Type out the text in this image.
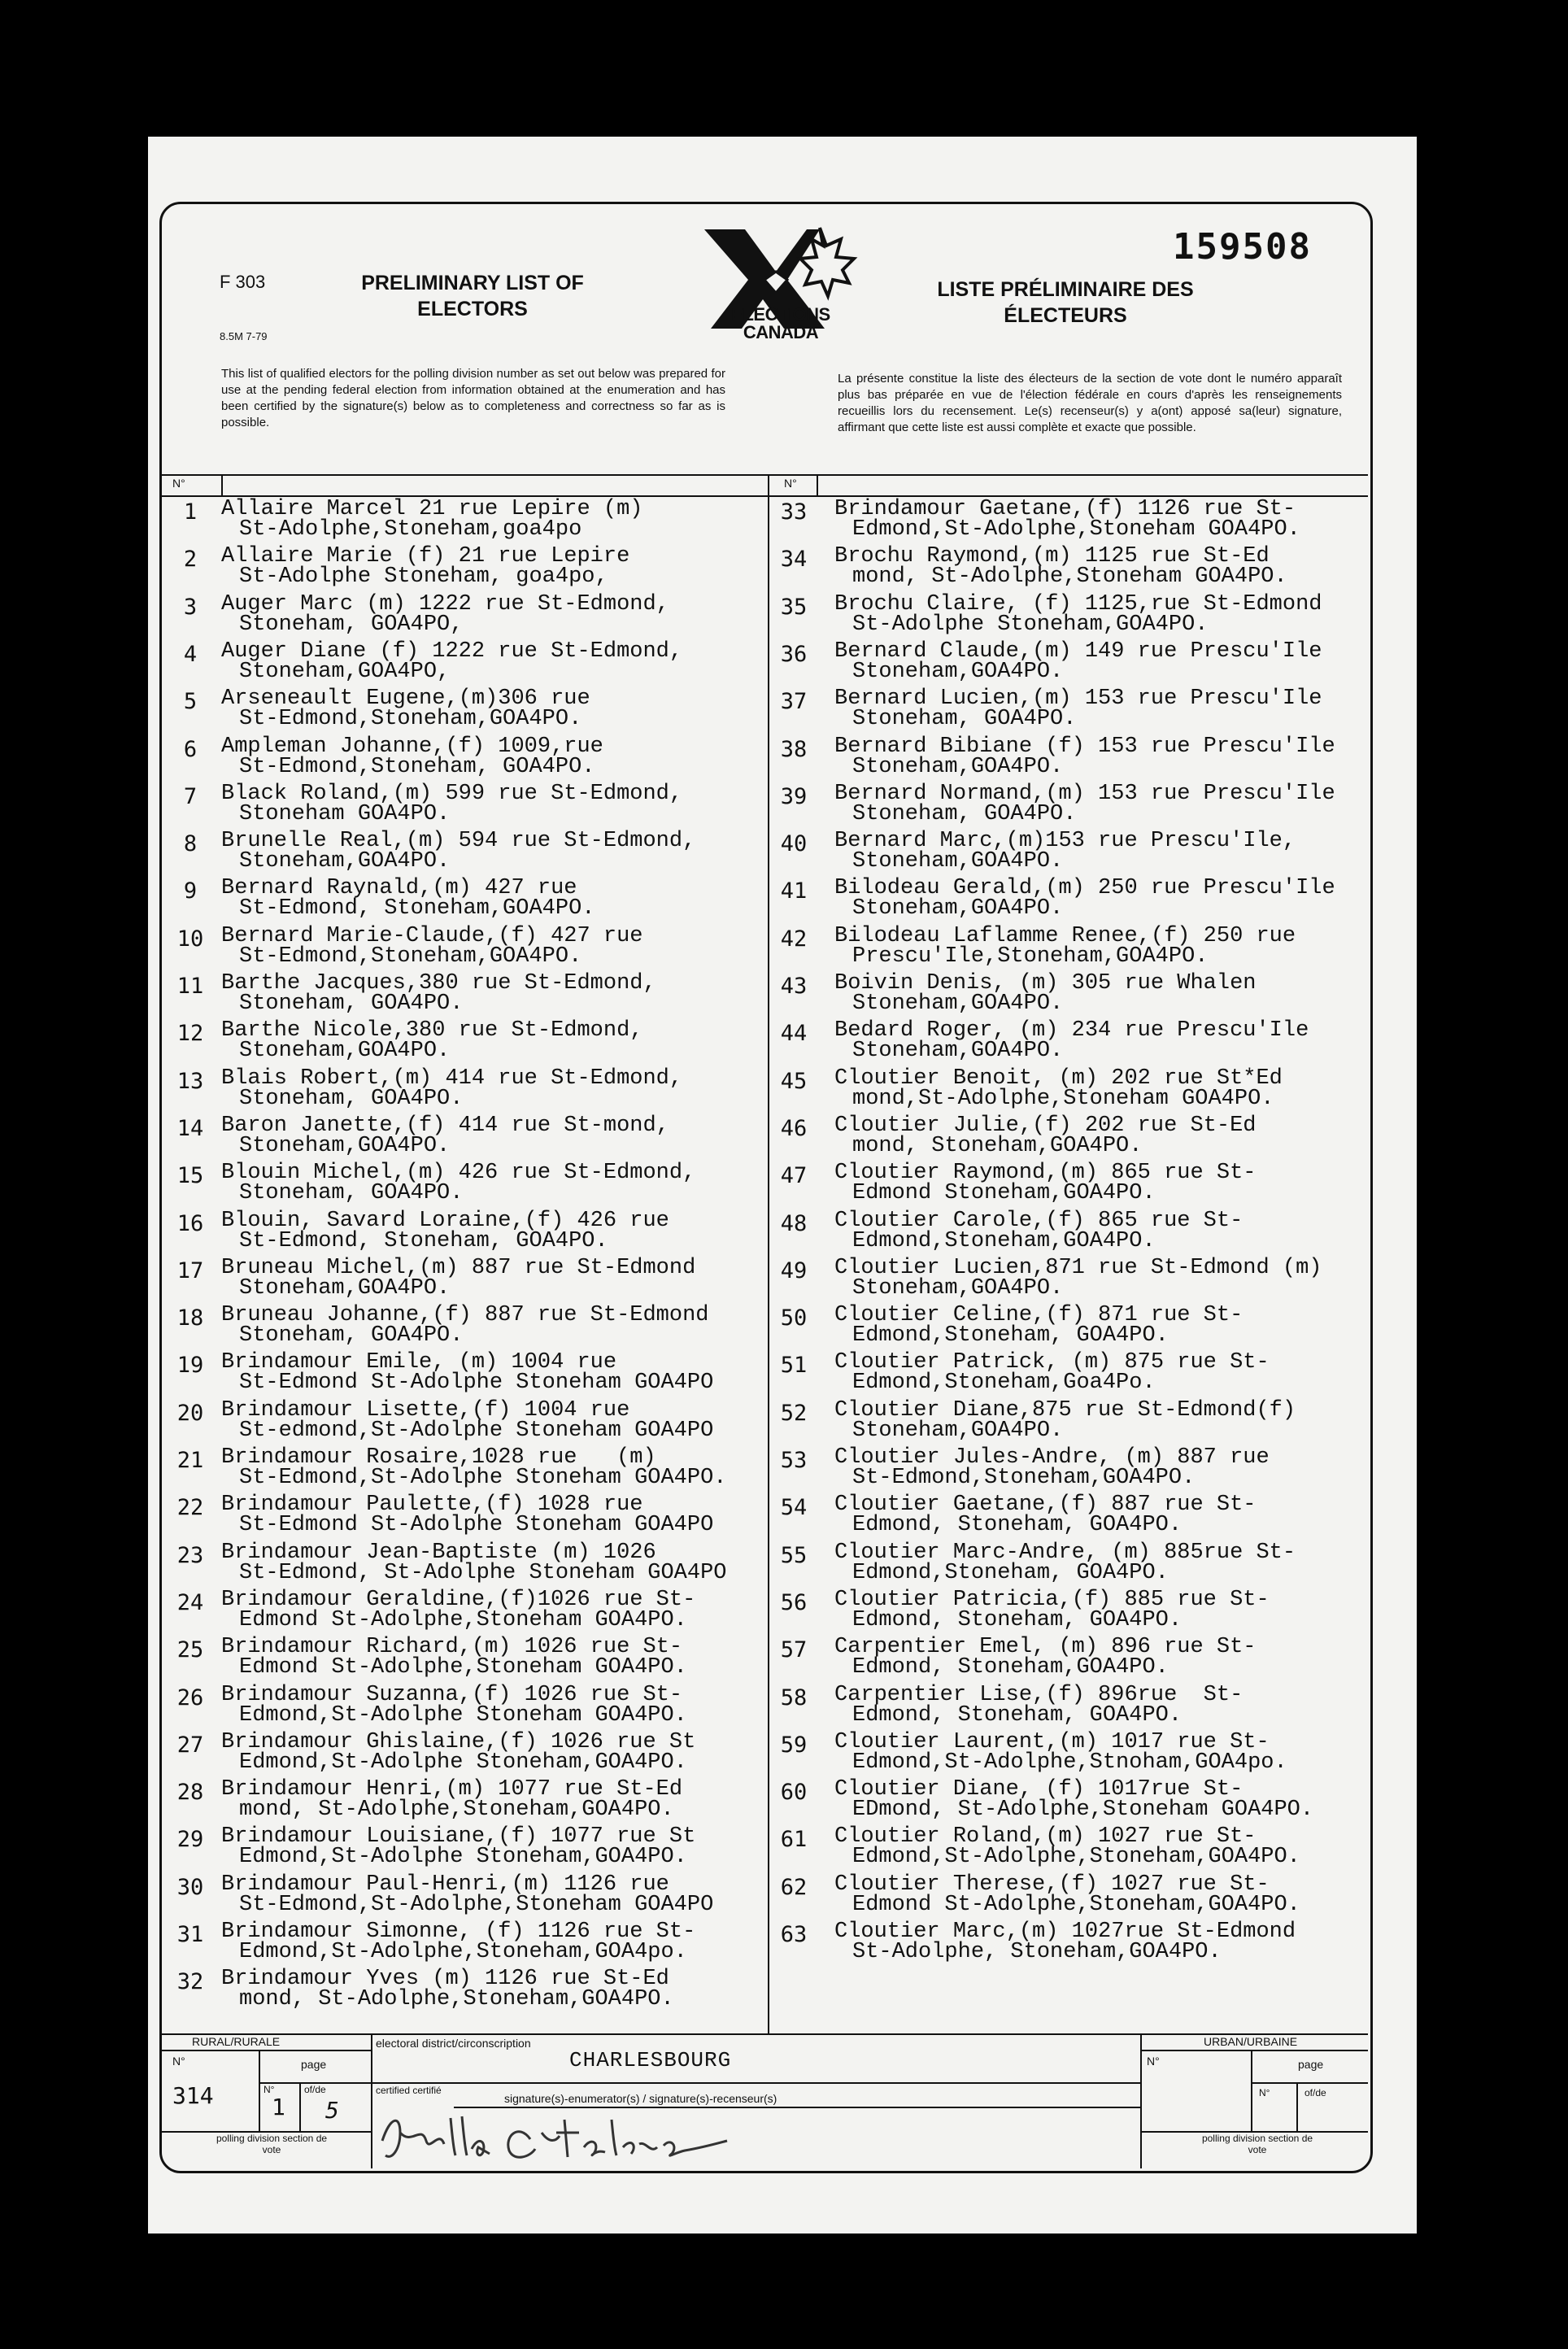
159508
F 303
8.5M 7-79
PRELIMINARY LIST OF ELECTORS
LISTE PRÉLIMINAIRE DES ÉLECTEURS
ELECTIONS
CANADA
This list of qualified electors for the polling division number as set out below was prepared for use at the pending federal election from information obtained at the enumeration and has been certified by the signature(s) below as to completeness and correctness so far as is possible.
La présente constitue la liste des électeurs de la section de vote dont le numéro apparaît plus bas préparée en vue de l'élection fédérale en cours d'après les renseignements recueillis lors du recensement. Le(s) recenseur(s) y a(ont) apposé sa(leur) signature, affirmant que cette liste est aussi complète et exacte que possible.
N°	N°
1	Allaire Marcel 21 rue Lepire (m)
St-Adolphe,Stoneham,goa4po
2	Allaire Marie (f) 21 rue Lepire
St-Adolphe Stoneham, goa4po,
3	Auger Marc (m) 1222 rue St-Edmond,
Stoneham, GOA4PO,
4	Auger Diane (f) 1222 rue St-Edmond,
Stoneham,GOA4PO,
5	Arseneault Eugene,(m)306 rue
St-Edmond,Stoneham,GOA4PO.
6	Ampleman Johanne,(f) 1009,rue
St-Edmond,Stoneham, GOA4PO.
7	Black Roland,(m) 599 rue St-Edmond,
Stoneham GOA4PO.
8	Brunelle Real,(m) 594 rue St-Edmond,
Stoneham,GOA4PO.
9	Bernard Raynald,(m) 427 rue
St-Edmond, Stoneham,GOA4PO.
10 Bernard Marie-Claude,(f) 427 rue
St-Edmond,Stoneham,GOA4PO.
11 Barthe Jacques,380 rue St-Edmond,
Stoneham, GOA4PO.
12 Barthe Nicole,380 rue St-Edmond,
Stoneham,GOA4PO.
13 Blais Robert,(m) 414 rue St-Edmond,
Stoneham, GOA4PO.
14 Baron Janette,(f) 414 rue St-mond,
Stoneham,GOA4PO.
15 Blouin Michel,(m) 426 rue St-Edmond,
Stoneham, GOA4PO.
16 Blouin, Savard Loraine,(f) 426 rue
St-Edmond, Stoneham, GOA4PO.
17 Bruneau Michel,(m) 887 rue St-Edmond
Stoneham,GOA4PO.
18 Bruneau Johanne,(f) 887 rue St-Edmond
Stoneham, GOA4PO.
19 Brindamour Emile, (m) 1004 rue
St-Edmond St-Adolphe Stoneham GOA4PO
20 Brindamour Lisette,(f) 1004 rue
St-edmond,St-Adolphe Stoneham GOA4PO
21 Brindamour Rosaire,1028 rue   (m)
St-Edmond,St-Adolphe Stoneham GOA4PO.
22 Brindamour Paulette,(f) 1028 rue
St-Edmond St-Adolphe Stoneham GOA4PO
23 Brindamour Jean-Baptiste (m) 1026
St-Edmond, St-Adolphe Stoneham GOA4PO
24 Brindamour Geraldine,(f)1026 rue St-
Edmond St-Adolphe,Stoneham GOA4PO.
25 Brindamour Richard,(m) 1026 rue St-
Edmond St-Adolphe,Stoneham GOA4PO.
26 Brindamour Suzanna,(f) 1026 rue St-
Edmond,St-Adolphe Stoneham GOA4PO.
27 Brindamour Ghislaine,(f) 1026 rue St
Edmond,St-Adolphe Stoneham,GOA4PO.
28 Brindamour Henri,(m) 1077 rue St-Ed
mond, St-Adolphe,Stoneham,GOA4PO.
29 Brindamour Louisiane,(f) 1077 rue St
Edmond,St-Adolphe Stoneham,GOA4PO.
30 Brindamour Paul-Henri,(m) 1126 rue
St-Edmond,St-Adolphe,Stoneham GOA4PO
31 Brindamour Simonne, (f) 1126 rue St-
Edmond,St-Adolphe,Stoneham,GOA4po.
32 Brindamour Yves (m) 1126 rue St-Ed
mond, St-Adolphe,Stoneham,GOA4PO.
33	Brindamour Gaetane,(f) 1126 rue St-
Edmond,St-Adolphe,Stoneham GOA4PO.
34	Brochu Raymond,(m) 1125 rue St-Ed
mond, St-Adolphe,Stoneham GOA4PO.
35	Brochu Claire, (f) 1125,rue St-Edmond
St-Adolphe Stoneham,GOA4PO.
36	Bernard Claude,(m) 149 rue Prescu'Ile
Stoneham,GOA4PO.
37	Bernard Lucien,(m) 153 rue Prescu'Ile
Stoneham, GOA4PO.
38	Bernard Bibiane (f) 153 rue Prescu'Ile
Stoneham,GOA4PO.
39	Bernard Normand,(m) 153 rue Prescu'Ile
Stoneham, GOA4PO.
40	Bernard Marc,(m)153 rue Prescu'Ile,
Stoneham,GOA4PO.
41	Bilodeau Gerald,(m) 250 rue Prescu'Ile
Stoneham,GOA4PO.
42	Bilodeau Laflamme Renee,(f) 250 rue
Prescu'Ile,Stoneham,GOA4PO.
43	Boivin Denis, (m) 305 rue Whalen
Stoneham,GOA4PO.
44	Bedard Roger, (m) 234 rue Prescu'Ile
Stoneham,GOA4PO.
45	Cloutier Benoit, (m) 202 rue St*Ed
mond,St-Adolphe,Stoneham GOA4PO.
46	Cloutier Julie,(f) 202 rue St-Ed
mond, Stoneham,GOA4PO.
47	Cloutier Raymond,(m) 865 rue St-
Edmond Stoneham,GOA4PO.
48	Cloutier Carole,(f) 865 rue St-
Edmond,Stoneham,GOA4PO.
49	Cloutier Lucien,871 rue St-Edmond (m)
Stoneham,GOA4PO.
50	Cloutier Celine,(f) 871 rue St-
Edmond,Stoneham, GOA4PO.
51	Cloutier Patrick, (m) 875 rue St-
Edmond,Stoneham,Goa4Po.
52	Cloutier Diane,875 rue St-Edmond(f)
Stoneham,GOA4PO.
53	Cloutier Jules-Andre, (m) 887 rue
St-Edmond,Stoneham,GOA4PO.
54	Cloutier Gaetane,(f) 887 rue St-
Edmond, Stoneham, GOA4PO.
55	Cloutier Marc-Andre, (m) 885rue St-
Edmond,Stoneham, GOA4PO.
56	Cloutier Patricia,(f) 885 rue St-
Edmond, Stoneham, GOA4PO.
57	Carpentier Emel, (m) 896 rue St-
Edmond, Stoneham,GOA4PO.
58	Carpentier Lise,(f) 896rue  St-
Edmond, Stoneham, GOA4PO.
59	Cloutier Laurent,(m) 1017 rue St-
Edmond,St-Adolphe,Stnoham,GOA4po.
60	Cloutier Diane, (f) 1017rue St-
EDmond, St-Adolphe,Stoneham GOA4PO.
61	Cloutier Roland,(m) 1027 rue St-
Edmond,St-Adolphe,Stoneham,GOA4PO.
62	Cloutier Therese,(f) 1027 rue St-
Edmond St-Adolphe,Stoneham,GOA4PO.
63	Cloutier Marc,(m) 1027rue St-Edmond
St-Adolphe, Stoneham,GOA4PO.
RURAL/RURALE
N°	page
314	N°
1
of/de
5
polling division section de vote
electoral district/circonscription
CHARLESBOURG
certified certifié
signature(s)-enumerator(s) / signature(s)-recenseur(s)
URBAN/URBAINE
N°	page
N°	of/de
polling division section de vote
